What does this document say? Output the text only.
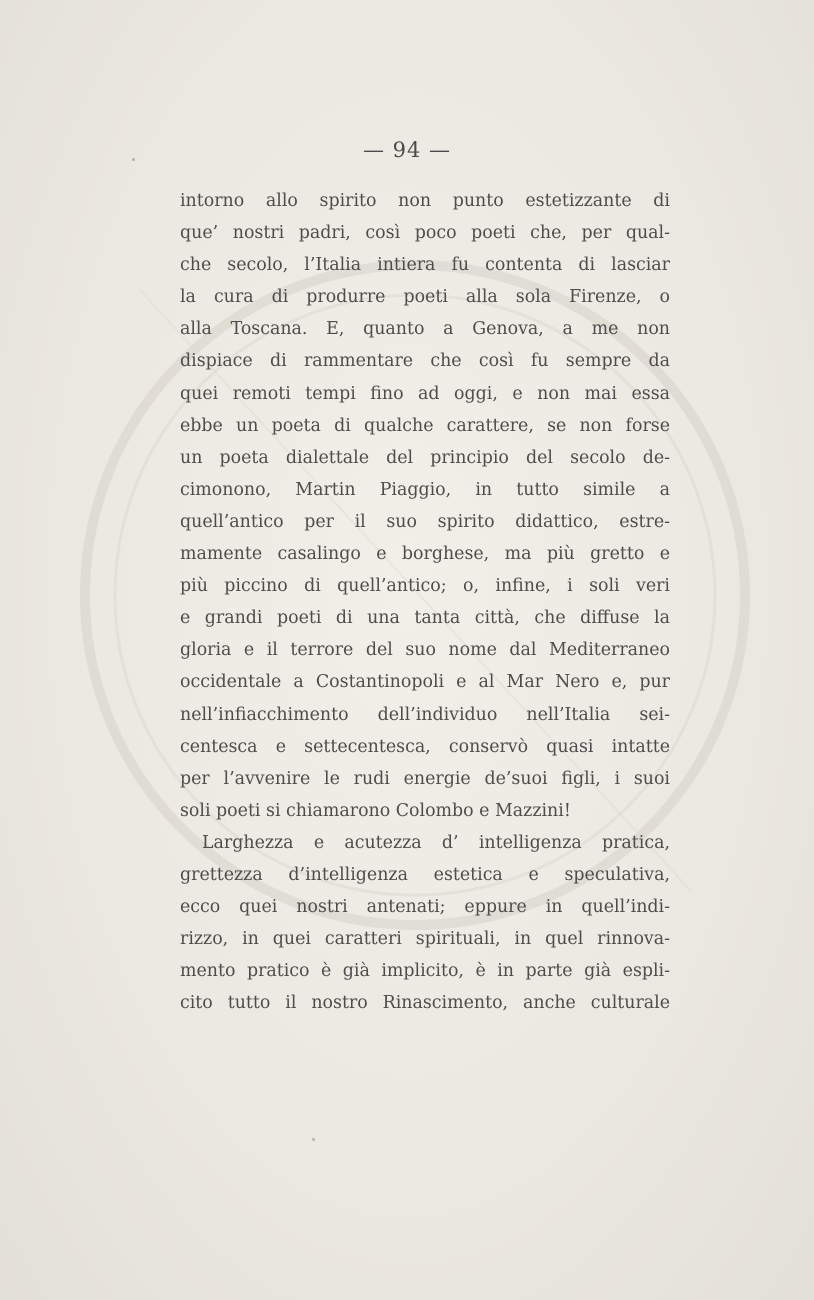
— 94 —
intorno allo spirito non punto estetizzante di
que’ nostri padri, così poco poeti che, per qual-
che secolo, l’Italia intiera fu contenta di lasciar
la cura di produrre poeti alla sola Firenze, o
alla Toscana. E, quanto a Genova, a me non
dispiace di rammentare che così fu sempre da
quei remoti tempi fino ad oggi, e non mai essa
ebbe un poeta di qualche carattere, se non forse
un poeta dialettale del principio del secolo de-
cimonono, Martin Piaggio, in tutto simile a
quell’antico per il suo spirito didattico, estre-
mamente casalingo e borghese, ma più gretto e
più piccino di quell’antico; o, infine, i soli veri
e grandi poeti di una tanta città, che diffuse la
gloria e il terrore del suo nome dal Mediterraneo
occidentale a Costantinopoli e al Mar Nero e, pur
nell’infiacchimento dell’individuo nell’Italia sei-
centesca e settecentesca, conservò quasi intatte
per l’avvenire le rudi energie de’suoi figli, i suoi
soli poeti si chiamarono Colombo e Mazzini!
Larghezza e acutezza d’ intelligenza pratica,
grettezza d’intelligenza estetica e speculativa,
ecco quei nostri antenati; eppure in quell’indi-
rizzo, in quei caratteri spirituali, in quel rinnova-
mento pratico è già implicito, è in parte già espli-
cito tutto il nostro Rinascimento, anche culturale
